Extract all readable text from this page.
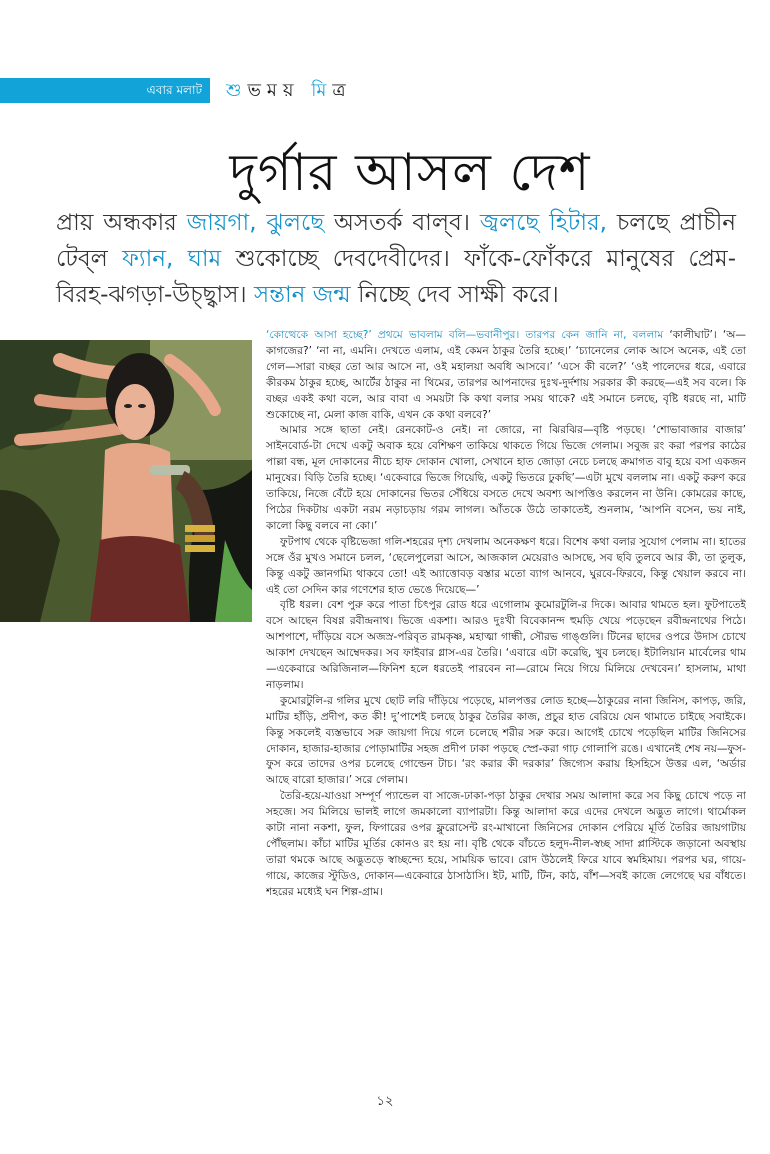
এবার মলাট শুভময় মিত্র
দুর্গার আসল দেশ
প্রায় অন্ধকার জায়গা, ঝুলছে অসতর্ক বাল্‌ব। জ্বলছে হিটার, চলছে প্রাচীন টেব্‌ল ফ্যান, ঘাম শুকোচ্ছে দেবদেবীদের। ফাঁকে-ফোঁকরে মানুষের প্রেম-বিরহ-ঝগড়া-উচ্ছ্বাস। সন্তান জন্ম নিচ্ছে দেব সাক্ষী করে।

‘কোত্থেকে আসা হচ্ছে?’ প্রথমে ভাবলাম বলি—ভবানীপুর। তারপর কেন জানি না, বললাম ‘কালীঘাট’। ‘অ—কাগজের?’ ‘না না, এমনি। দেখতে এলাম, এই কেমন ঠাকুর তৈরি হচ্ছে।’ ‘চ্যানেলের লোক আসে অনেক, এই তো গেল—সারা বচ্ছর তো আর আসে না, ওই মহালয়া অবধি আসবে।’ ‘এসে কী বলে?’ ‘ওই পালেদের ধরে, এবারে কীরকম ঠাকুর হচ্ছে, আর্টের ঠাকুর না থিমের, তারপর আপনাদের দুঃখ-দুর্দশায় সরকার কী করছে—এই সব বলে। কি বচ্ছর একই কথা বলে, আর বাবা এ সময়টা কি কথা বলার সময় থাকে? এই সমানে চলছে, বৃষ্টি ধরছে না, মাটি শুকোচ্ছে না, মেলা কাজ বাকি, এখন কে কথা বলবে?’

আমার সঙ্গে ছাতা নেই। রেনকোট-ও নেই। না জোরে, না ঝিরঝির—বৃষ্টি পড়ছে। ‘শোভাবাজার বাজার’ সাইনবোর্ড-টা দেখে একটু অবাক হয়ে বেশিক্ষণ তাকিয়ে থাকতে গিয়ে ভিজে গেলাম। সবুজ রং করা পরপর কাঠের পাল্লা বন্ধ, মূল দোকানের নীচে হাফ দোকান খোলা, সেখানে হাত জোড়া নেচে চলছে ক্রমাগত বাবু হয়ে বসা একজন মানুষের। বিড়ি তৈরি হচ্ছে। ‘একেবারে ভিজে গিয়েছি, একটু ভিতরে ঢুকছি’—এটা মুখে বললাম না। একটু করুণ করে তাকিয়ে, নিজে বেঁটে হয়ে দোকানের ভিতর সেঁধিয়ে বসতে দেখে অবশ্য আপত্তিও করলেন না উনি। কোমরের কাছে, পিঠের দিকটায় একটা নরম নড়াচড়ায় গরম লাগল। আঁতকে উঠে তাকাতেই, শুনলাম, ‘আপনি বসেন, ভয় নাই, কালো কিছু বলবে না কো।’

ফুটপাথ থেকে বৃষ্টিভেজা গলি-শহরের দৃশ্য দেখলাম অনেকক্ষণ ধরে। বিশেষ কথা বলার সুযোগ পেলাম না। হাতের সঙ্গে ওঁর মুখও সমানে চলল, ‘ছেলেপুলেরা আসে, আজকাল মেয়েরাও আসছে, সব ছবি তুলবে আর কী, তা তুলুক, কিন্তু একটু জ্ঞানগম্যি থাকবে তো! এই অ্যাত্তোবড় বস্তার মতো ব্যাগ আনবে, ঘুরবে-ফিরবে, কিন্তু খেয়াল করবে না। এই তো সেদিন কার গণেশের হাত ভেঙে দিয়েছে—’

বৃষ্টি ধরল। বেশ পুরু করে পাতা চিৎপুর রোড ধরে এগোলাম কুমোরটুলি-র দিকে। আবার থামতে হল। ফুটপাতেই বসে আছেন বিষণ্ণ রবীন্দ্রনাথ। ভিজে একশা। আরও দুঃখী বিবেকানন্দ হুমড়ি খেয়ে পড়েছেন রবীন্দ্রনাথের পিঠে। আশপাশে, দাঁড়িয়ে বসে অজস্র-পরিবৃত রামকৃষ্ণ, মহাত্মা গান্ধী, সৌরভ গাঙ্গুলি। টিনের ছাদের ওপরে উদাস চোখে আকাশ দেখছেন আম্বেদকর। সব ফাইবার গ্লাস-এর তৈরি। ‘এবারে এটা করেছি, খুব চলছে। ইটালিয়ান মার্বেলের থাম—একেবারে অরিজিনাল—ফিনিশ হলে ধরতেই পারবেন না—রোমে নিয়ে গিয়ে মিলিয়ে দেখবেন।’ হাসলাম, মাথা নাড়লাম।

কুমোরটুলি-র গলির মুখে ছোট লরি দাঁড়িয়ে পড়েছে, মালপত্তর লোড হচ্ছে—ঠাকুরের নানা জিনিস, কাপড়, জরি, মাটির হাঁড়ি, প্রদীপ, কত কী! দু’পাশেই চলছে ঠাকুর তৈরির কাজ, প্রচুর হাত বেরিয়ে যেন থামাতে চাইছে সবাইকে। কিন্তু সকলেই ব্যস্তভাবে সরু জায়গা দিয়ে গলে চলেছে শরীর সরু করে। আগেই চোখে পড়েছিল মাটির জিনিসের দোকান, হাজার-হাজার পোড়ামাটির সহজ প্রদীপ ঢাকা পড়ছে স্প্রে-করা গাঢ় গোলাপি রঙে। এখানেই শেষ নয়—ফুস-ফুস করে তাদের ওপর চলেছে গোল্ডেন টাচ। ‘রং করার কী দরকার’ জিগ্যেস করায় হিসহিসে উত্তর এল, ‘অর্ডার আছে বারো হাজার।’ সরে গেলাম।

তৈরি-হয়ে-যাওয়া সম্পূর্ণ প্যান্ডেল বা সাজে-ঢাকা-পড়া ঠাকুর দেখার সময় আলাদা করে সব কিছু চোখে পড়ে না সহজে। সব মিলিয়ে ভালই লাগে জমকালো ব্যাপারটা। কিন্তু আলাদা করে এদের দেখলে অদ্ভুত লাগে। থার্মোকল কাটা নানা নকশা, ফুল, ফিগারের ওপর ফ্লুরোসেন্ট রং-মাখানো জিনিসের দোকান পেরিয়ে মূর্তি তৈরির জায়গাটায় পৌঁছলাম। কাঁচা মাটির মূর্তির কোনও রং হয় না। বৃষ্টি থেকে বাঁচতে হলুদ-নীল-স্বচ্ছ সাদা প্লাস্টিকে জড়ানো অবস্থায় তারা থমকে আছে অদ্ভুতড়ে স্বাচ্ছন্দ্যে হয়ে, সাময়িক ভাবে। রোদ উঠলেই ফিরে যাবে স্বমহিমায়। পরপর ঘর, গায়ে-গায়ে, কাজের স্টুডিও, দোকান—একেবারে ঠাসাঠাসি। ইট, মাটি, টিন, কাঠ, বাঁশ—সবই কাজে লেগেছে ঘর বাঁধতে। শহরের মধ্যেই ঘন শিল্প-গ্রাম।

১২
